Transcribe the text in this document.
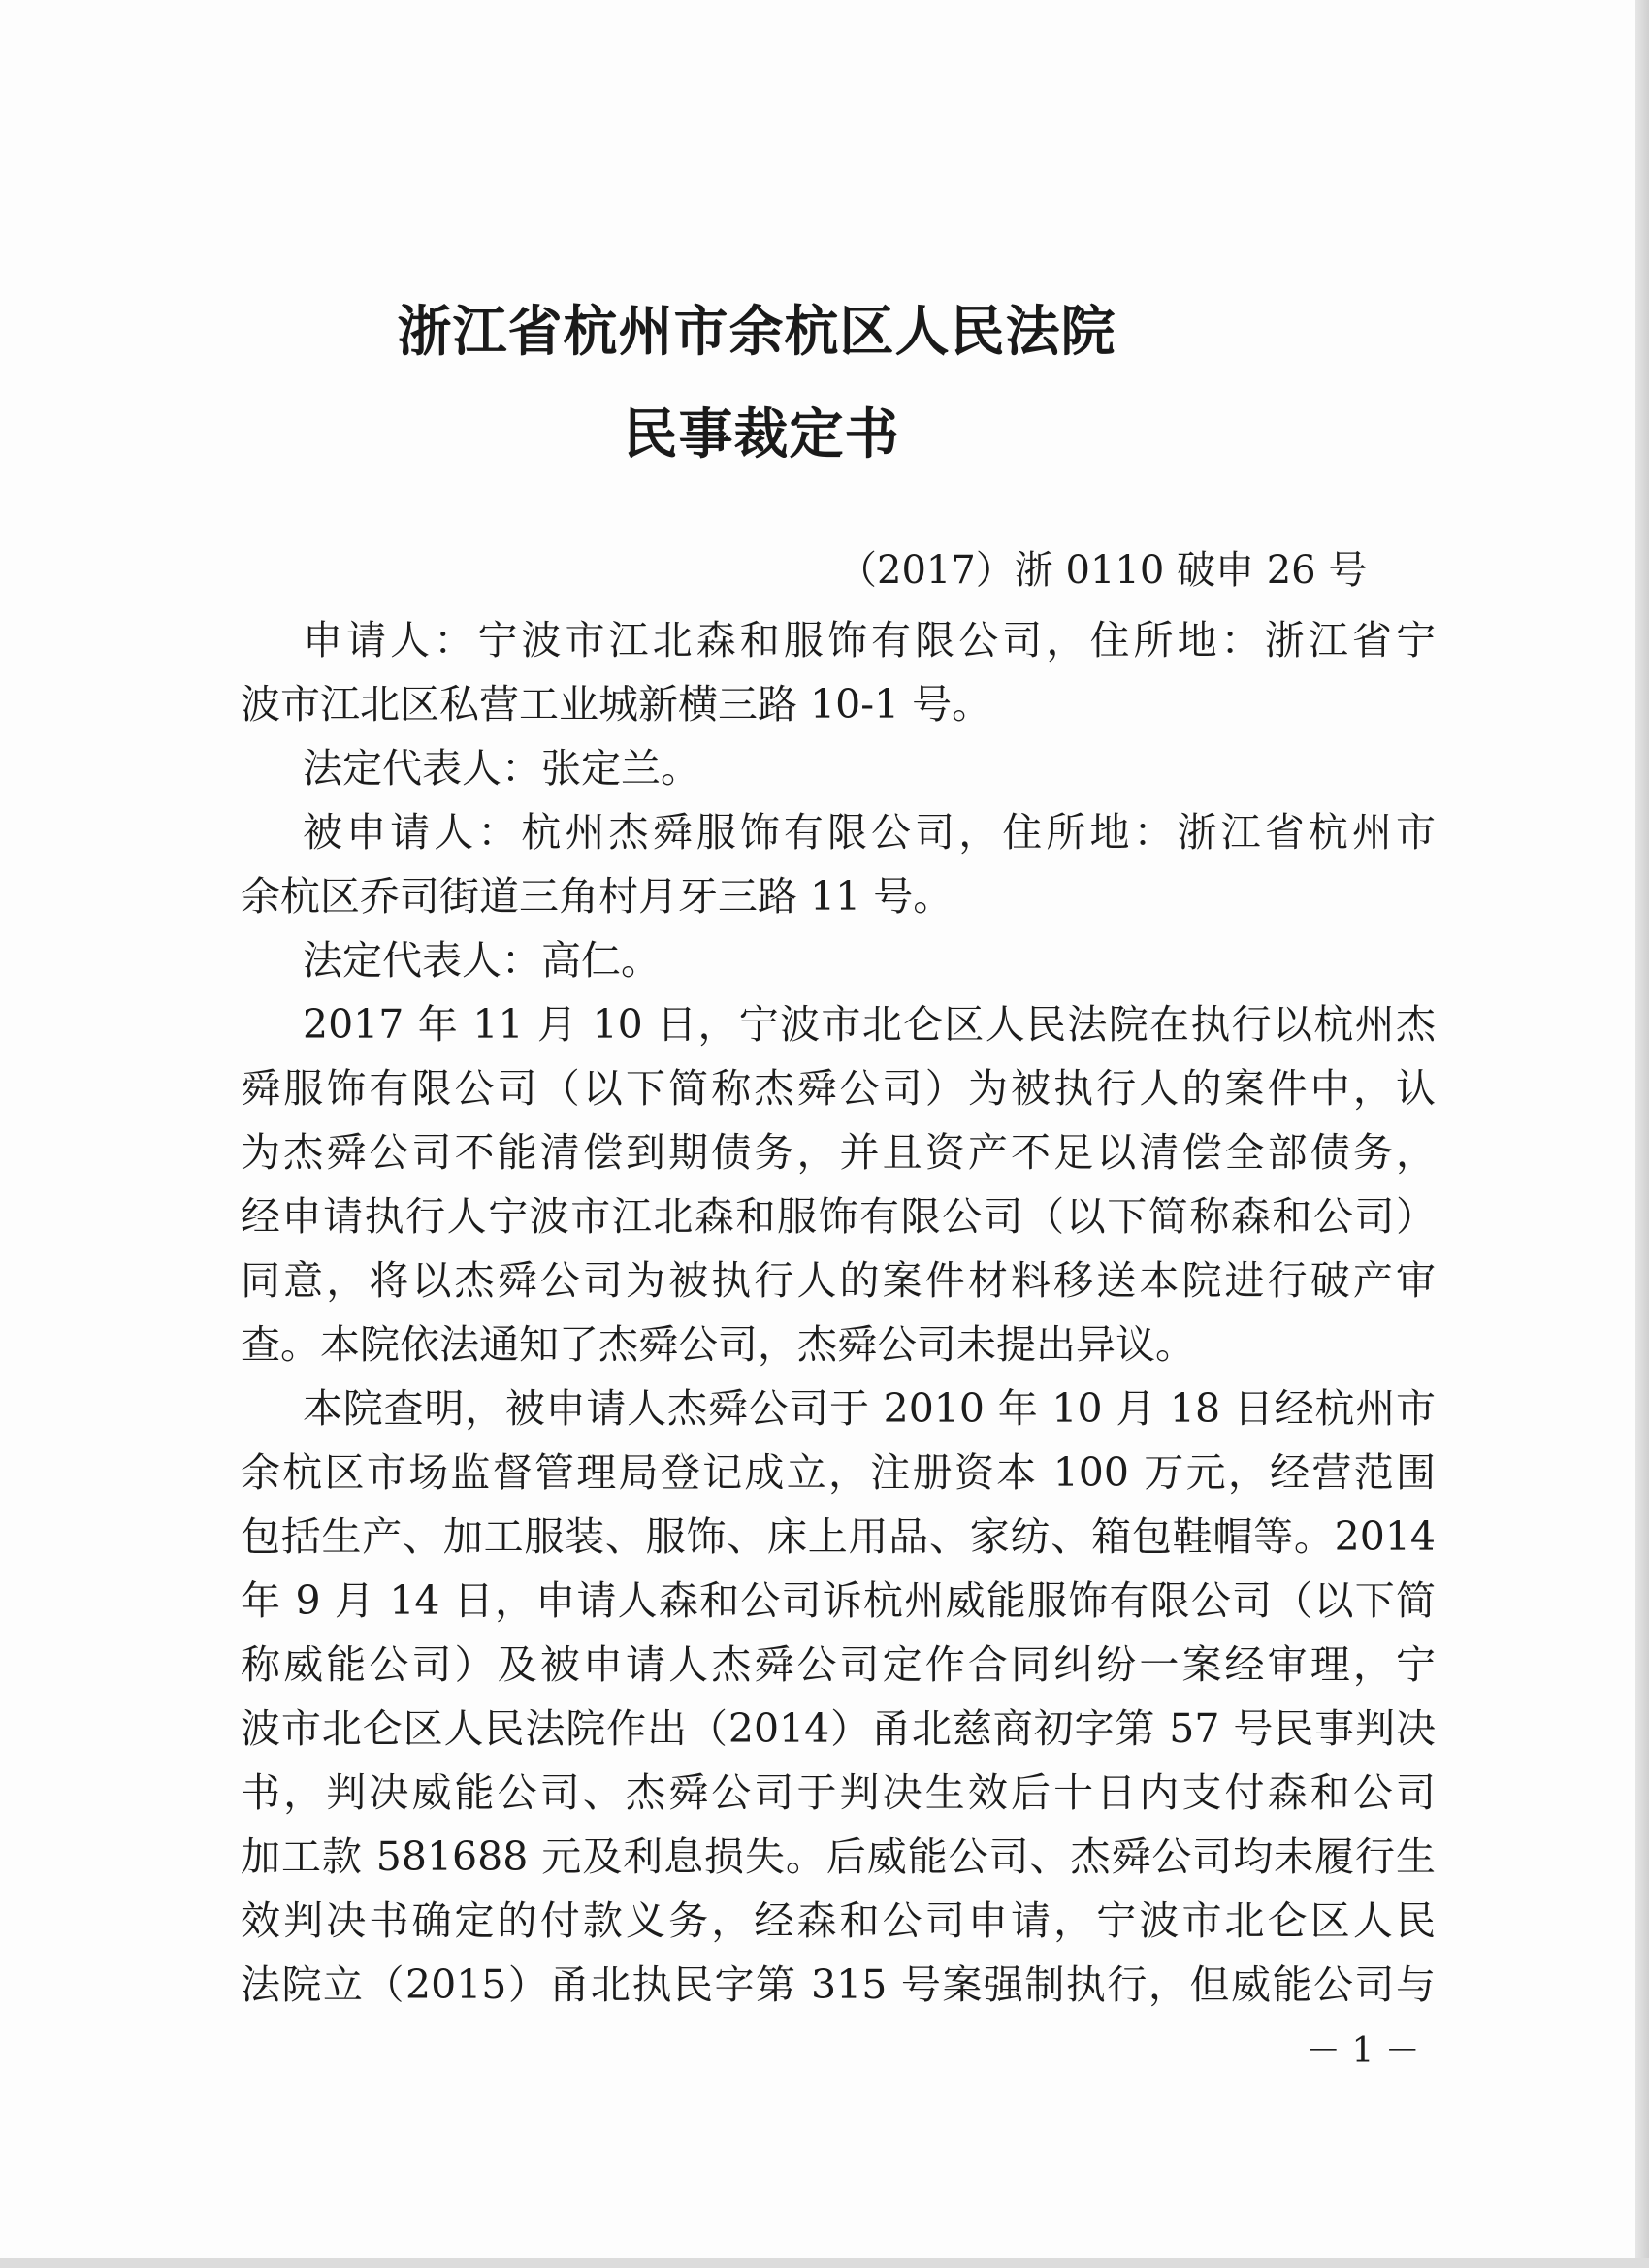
浙江省杭州市余杭区人民法院
民事裁定书
（2017）浙 0110 破申 26 号
申请人：宁波市江北森和服饰有限公司，住所地：浙江省宁
波市江北区私营工业城新横三路 10-1 号。
法定代表人：张定兰。
被申请人：杭州杰舜服饰有限公司，住所地：浙江省杭州市
余杭区乔司街道三角村月牙三路 11 号。
法定代表人：高仁。
2017 年 11 月 10 日，宁波市北仑区人民法院在执行以杭州杰
舜服饰有限公司（以下简称杰舜公司）为被执行人的案件中，认
为杰舜公司不能清偿到期债务，并且资产不足以清偿全部债务，
经申请执行人宁波市江北森和服饰有限公司（以下简称森和公司）
同意，将以杰舜公司为被执行人的案件材料移送本院进行破产审
查。本院依法通知了杰舜公司，杰舜公司未提出异议。
本院查明，被申请人杰舜公司于 2010 年 10 月 18 日经杭州市
余杭区市场监督管理局登记成立，注册资本 100 万元，经营范围
包括生产、加工服装、服饰、床上用品、家纺、箱包鞋帽等。2014
年 9 月 14 日，申请人森和公司诉杭州威能服饰有限公司（以下简
称威能公司）及被申请人杰舜公司定作合同纠纷一案经审理，宁
波市北仑区人民法院作出（2014）甬北慈商初字第 57 号民事判决
书，判决威能公司、杰舜公司于判决生效后十日内支付森和公司
加工款 581688 元及利息损失。后威能公司、杰舜公司均未履行生
效判决书确定的付款义务，经森和公司申请，宁波市北仑区人民
法院立（2015）甬北执民字第 315 号案强制执行，但威能公司与
－ 1 －
